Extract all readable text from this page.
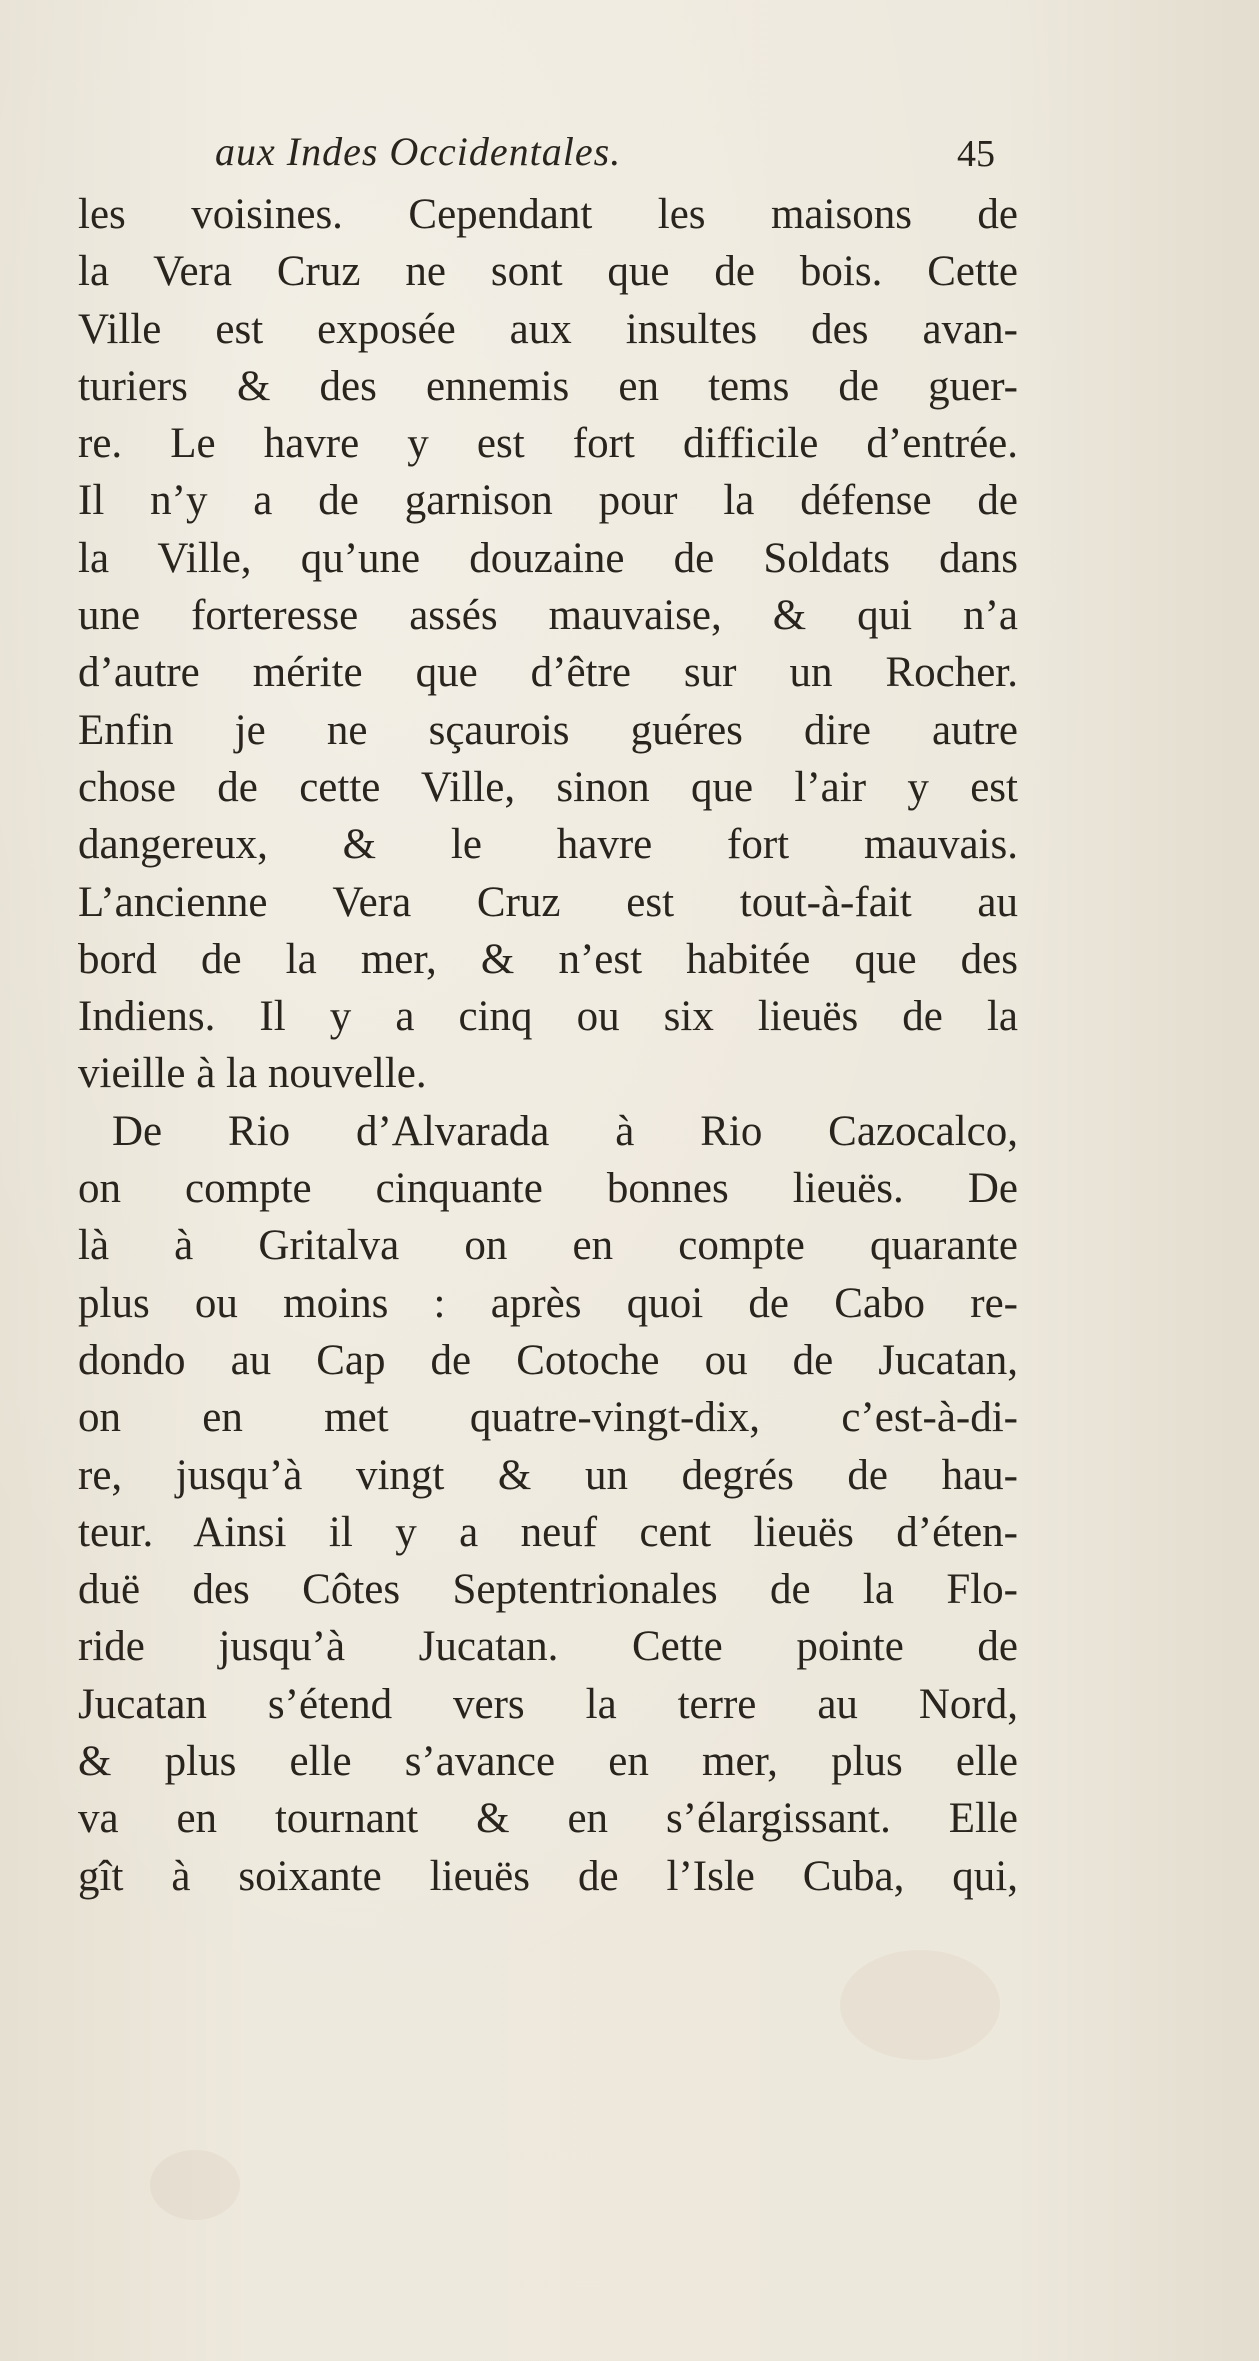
aux Indes Occidentales.	45
les voisines. Cependant les maisons de
la Vera Cruz ne sont que de bois. Cette
Ville est exposée aux insultes des avan-
turiers & des ennemis en tems de guer-
re. Le havre y est fort difficile d’entrée.
Il n’y a de garnison pour la défense de
la Ville, qu’une douzaine de Soldats dans
une forteresse assés mauvaise, & qui n’a
d’autre mérite que d’être sur un Rocher.
Enfin je ne sçaurois guéres dire autre
chose de cette Ville, sinon que l’air y est
dangereux, & le havre fort mauvais.
L’ancienne Vera Cruz est tout-à-fait au
bord de la mer, & n’est habitée que des
Indiens. Il y a cinq ou six lieuës de la
vieille à la nouvelle.
De Rio d’Alvarada à Rio Cazocalco,
on compte cinquante bonnes lieuës. De
là à Gritalva on en compte quarante
plus ou moins : après quoi de Cabo re-
dondo au Cap de Cotoche ou de Jucatan,
on en met quatre-vingt-dix, c’est-à-di-
re, jusqu’à vingt & un degrés de hau-
teur. Ainsi il y a neuf cent lieuës d’éten-
duë des Côtes Septentrionales de la Flo-
ride jusqu’à Jucatan. Cette pointe de
Jucatan s’étend vers la terre au Nord,
& plus elle s’avance en mer, plus elle
va en tournant & en s’élargissant. Elle
gît à soixante lieuës de l’Isle Cuba, qui,
